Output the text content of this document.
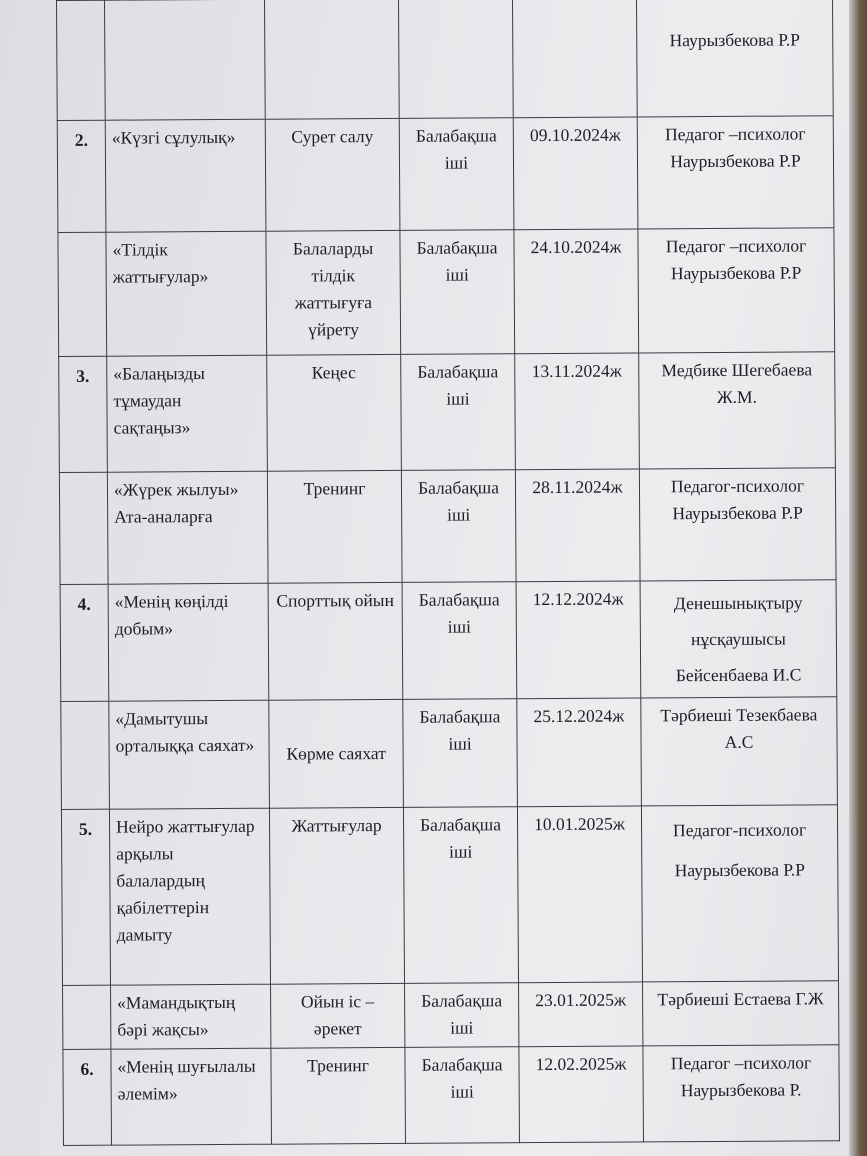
					Наурызбекова Р.Р
2.	«Күзгі сұлулық»	Сурет салу	Балабақша іші	09.10.2024ж	Педагог –психолог Наурызбекова Р.Р
	«Тілдік жаттығулар»	Балаларды тілдік жаттығуға үйрету	Балабақша іші	24.10.2024ж	Педагог –психолог Наурызбекова Р.Р
3.	«Балаңызды тұмаудан сақтаңыз»	Кеңес	Балабақша іші	13.11.2024ж	Медбике Шегебаева Ж.М.
	«Жүрек жылуы» Ата-аналарға	Тренинг	Балабақша іші	28.11.2024ж	Педагог-психолог Наурызбекова Р.Р
4.	«Менің көңілді добым»	Спорттық ойын	Балабақша іші	12.12.2024ж	Денешынықтыру нұсқаушысы Бейсенбаева И.С
	«Дамытушы орталыққа саяхат»	Көрме саяхат	Балабақша іші	25.12.2024ж	Тәрбиеші Тезекбаева А.С
5.	Нейро жаттығулар арқылы балалардың қабілеттерін дамыту	Жаттығулар	Балабақша іші	10.01.2025ж	Педагог-психолог Наурызбекова Р.Р
	«Мамандықтың бәрі жақсы»	Ойын іс – әрекет	Балабақша іші	23.01.2025ж	Тәрбиеші Естаева Г.Ж
6.	«Менің шуғылалы әлемім»	Тренинг	Балабақша іші	12.02.2025ж	Педагог –психолог Наурызбекова Р.
